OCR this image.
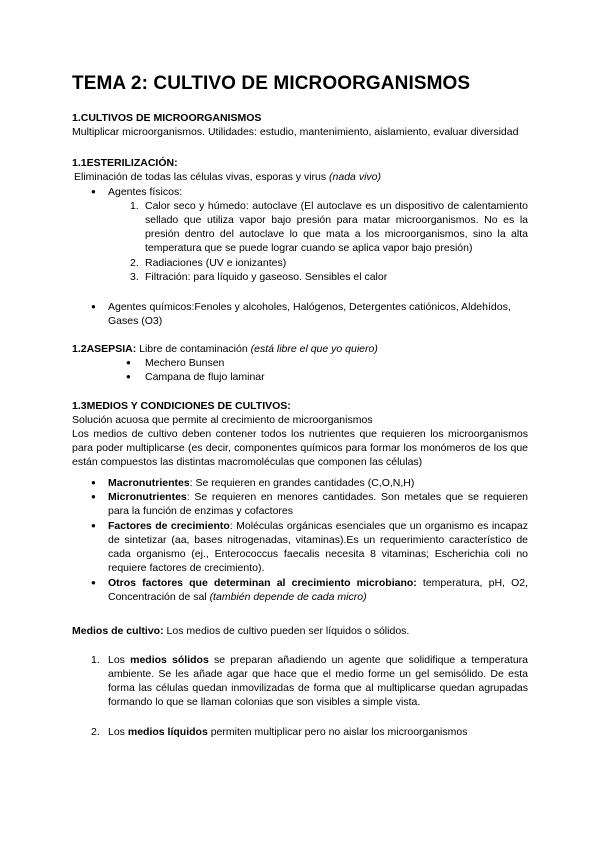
TEMA 2: CULTIVO DE MICROORGANISMOS
1.CULTIVOS DE MICROORGANISMOS
Multiplicar microorganismos. Utilidades: estudio, mantenimiento, aislamiento, evaluar diversidad
1.1ESTERILIZACIÓN:
Eliminación de todas las células vivas, esporas y virus (nada vivo)
● Agentes físicos:
1. Calor seco y húmedo: autoclave (El autoclave es un dispositivo de calentamiento sellado que utiliza vapor bajo presión para matar microorganismos. No es la presión dentro del autoclave lo que mata a los microorganismos, sino la alta temperatura que se puede lograr cuando se aplica vapor bajo presión)
2. Radiaciones (UV e ionizantes)
3. Filtración: para líquido y gaseoso. Sensibles el calor
● Agentes químicos:Fenoles y alcoholes, Halógenos, Detergentes catiónicos, Aldehídos, Gases (O3)
1.2ASEPSIA: Libre de contaminación (está libre el que yo quiero)
● Mechero Bunsen
● Campana de flujo laminar
1.3MEDIOS Y CONDICIONES DE CULTIVOS:
Solución acuosa que permite al crecimiento de microorganismos
Los medios de cultivo deben contener todos los nutrientes que requieren los microorganismos para poder multiplicarse (es decir, componentes químicos para formar los monómeros de los que están compuestos las distintas macromoléculas que componen las células)
● Macronutrientes: Se requieren en grandes cantidades (C,O,N,H)
● Micronutrientes: Se requieren en menores cantidades. Son metales que se requieren para la función de enzimas y cofactores
● Factores de crecimiento: Moléculas orgánicas esenciales que un organismo es incapaz de sintetizar (aa, bases nitrogenadas, vitaminas).Es un requerimiento característico de cada organismo (ej., Enterococcus faecalis necesita 8 vitaminas; Escherichia coli no requiere factores de crecimiento).
● Otros factores que determinan al crecimiento microbiano: temperatura, pH, O2, Concentración de sal (también depende de cada micro)
Medios de cultivo: Los medios de cultivo pueden ser líquidos o sólidos.
1. Los medios sólidos se preparan añadiendo un agente que solidifique a temperatura ambiente. Se les añade agar que hace que el medio forme un gel semisólido. De esta forma las células quedan inmovilizadas de forma que al multiplicarse quedan agrupadas formando lo que se llaman colonias que son visibles a simple vista.
2. Los medios líquidos permiten multiplicar pero no aislar los microorganismos
